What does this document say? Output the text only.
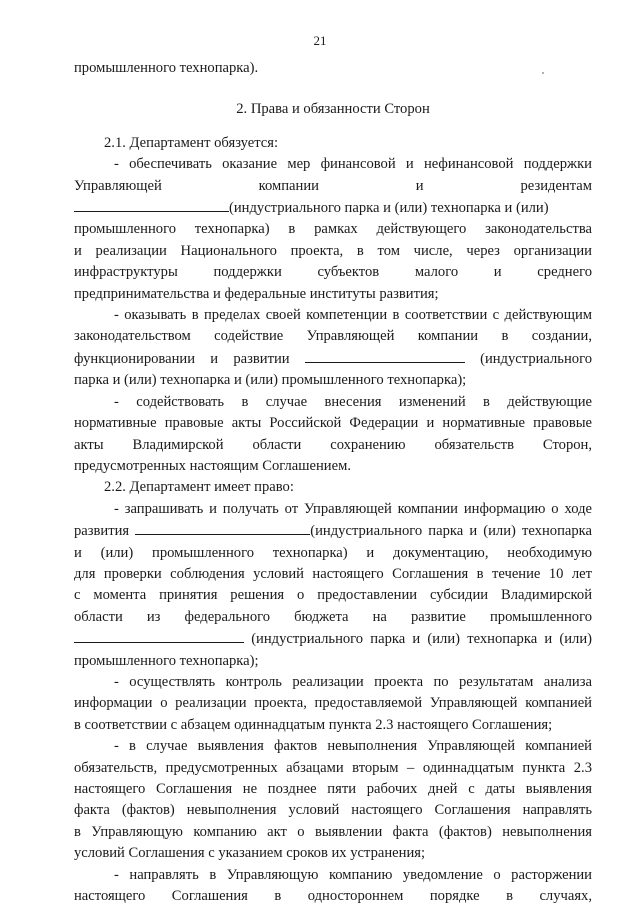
21

промышленного технопарка).

2. Права и обязанности Сторон

2.1. Департамент обязуется:

- обеспечивать оказание мер финансовой и нефинансовой поддержки

Управляющей компании и резидентам

(индустриального парка и (или) технопарка и (или)

промышленного технопарка) в рамках действующего законодательства

и реализации Национального проекта, в том числе, через организации

инфраструктуры поддержки субъектов малого и среднего

предпринимательства и федеральные институты развития;

- оказывать в пределах своей компетенции в соответствии с действующим

законодательством содействие Управляющей компании в создании,

функционировании и развитии	(индустриального

парка и (или) технопарка и (или) промышленного технопарка);

- содействовать в случае внесения изменений в действующие

нормативные правовые акты Российской Федерации и нормативные правовые

акты Владимирской области сохранению обязательств Сторон,

предусмотренных настоящим Соглашением.

2.2. Департамент имеет право:

- запрашивать и получать от Управляющей компании информацию о ходе

развития	(индустриального парка и (или) технопарка

и (или) промышленного технопарка) и документацию, необходимую

для проверки соблюдения условий настоящего Соглашения в течение 10 лет

с момента принятия решения о предоставлении субсидии Владимирской

области из федерального бюджета на развитие промышленного

(индустриального парка и (или) технопарка и (или)

промышленного технопарка);

- осуществлять контроль реализации проекта по результатам анализа

информации о реализации проекта, предоставляемой Управляющей компанией

в соответствии с абзацем одиннадцатым пункта 2.3 настоящего Соглашения;

- в случае выявления фактов невыполнения Управляющей компанией

обязательств, предусмотренных абзацами вторым – одиннадцатым пункта 2.3

настоящего Соглашения не позднее пяти рабочих дней с даты выявления

факта (фактов) невыполнения условий настоящего Соглашения направлять

в Управляющую компанию акт о выявлении факта (фактов) невыполнения

условий Соглашения с указанием сроков их устранения;

- направлять в Управляющую компанию уведомление о расторжении

настоящего Соглашения в одностороннем порядке в случаях,
